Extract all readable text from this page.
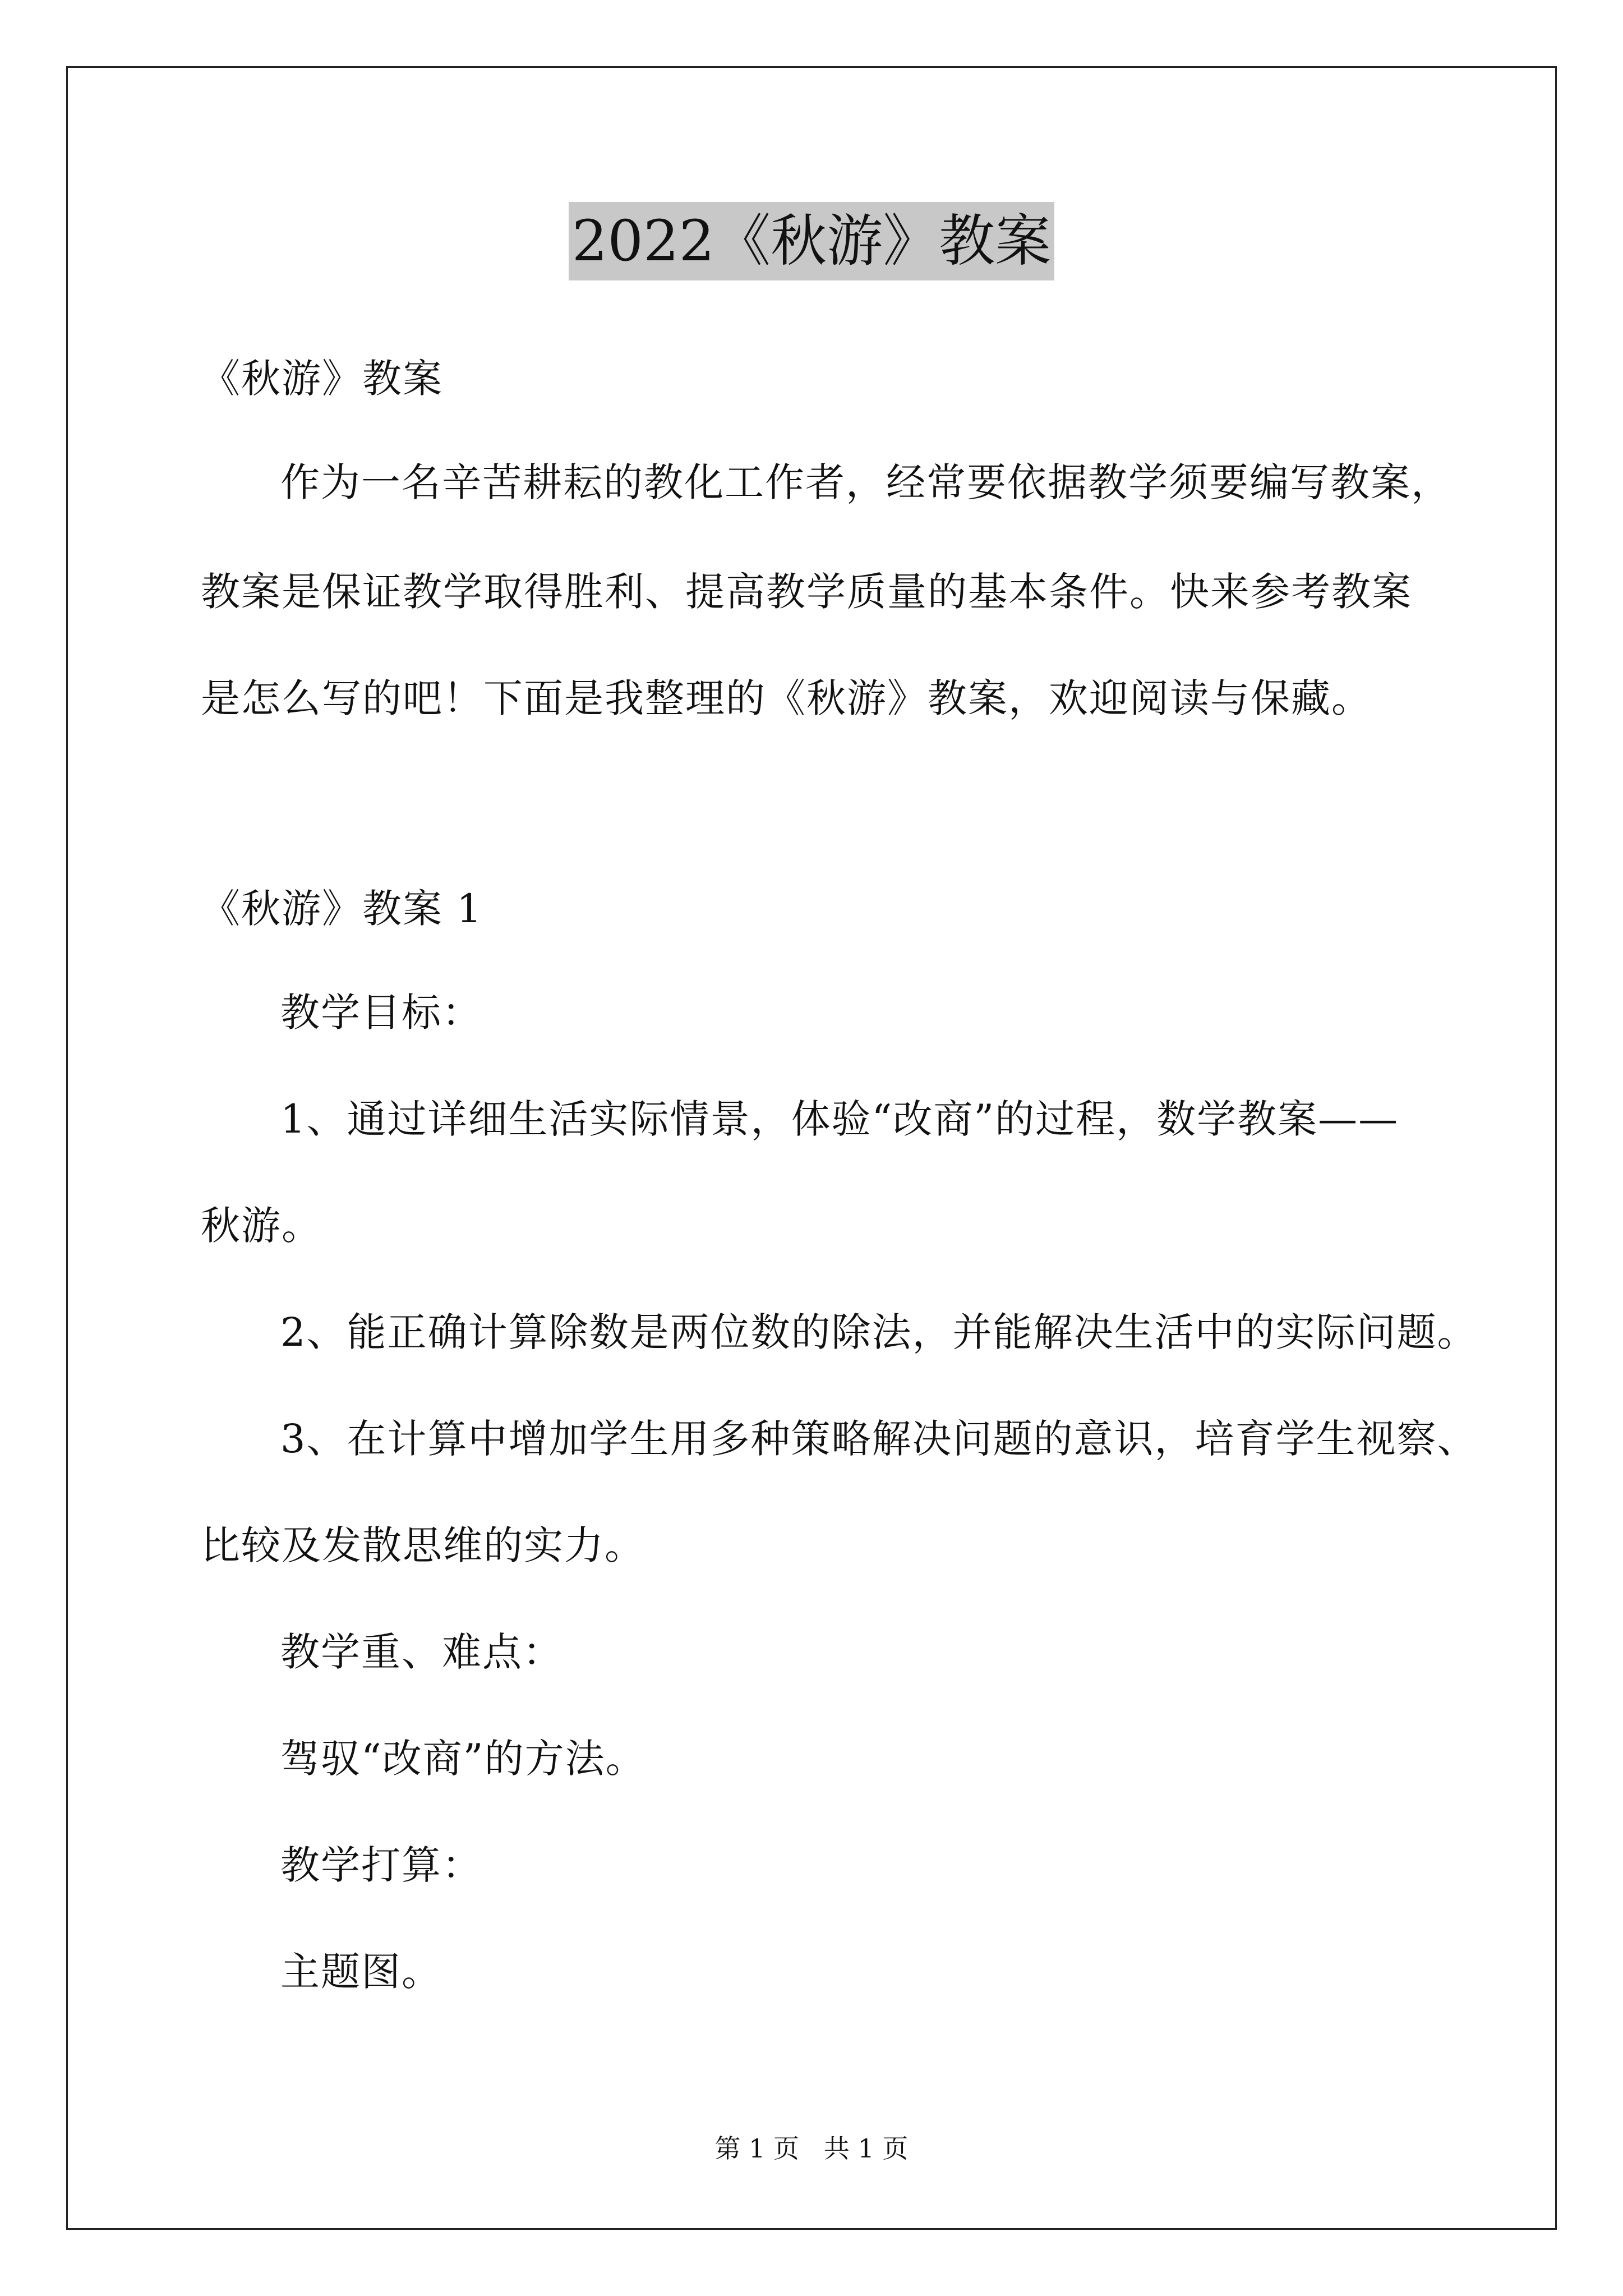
2022《秋游》教案
《秋游》教案
作为一名辛苦耕耘的教化工作者，经常要依据教学须要编写教案，
教案是保证教学取得胜利、提高教学质量的基本条件。快来参考教案
是怎么写的吧！下面是我整理的《秋游》教案，欢迎阅读与保藏。
《秋游》教案 1
教学目标：
1、通过详细生活实际情景，体验“改商”的过程，数学教案——
秋游。
2、能正确计算除数是两位数的除法，并能解决生活中的实际问题。
3、在计算中增加学生用多种策略解决问题的意识，培育学生视察、
比较及发散思维的实力。
教学重、难点：
驾驭“改商”的方法。
教学打算：
主题图。
第 1 页   共 1 页
